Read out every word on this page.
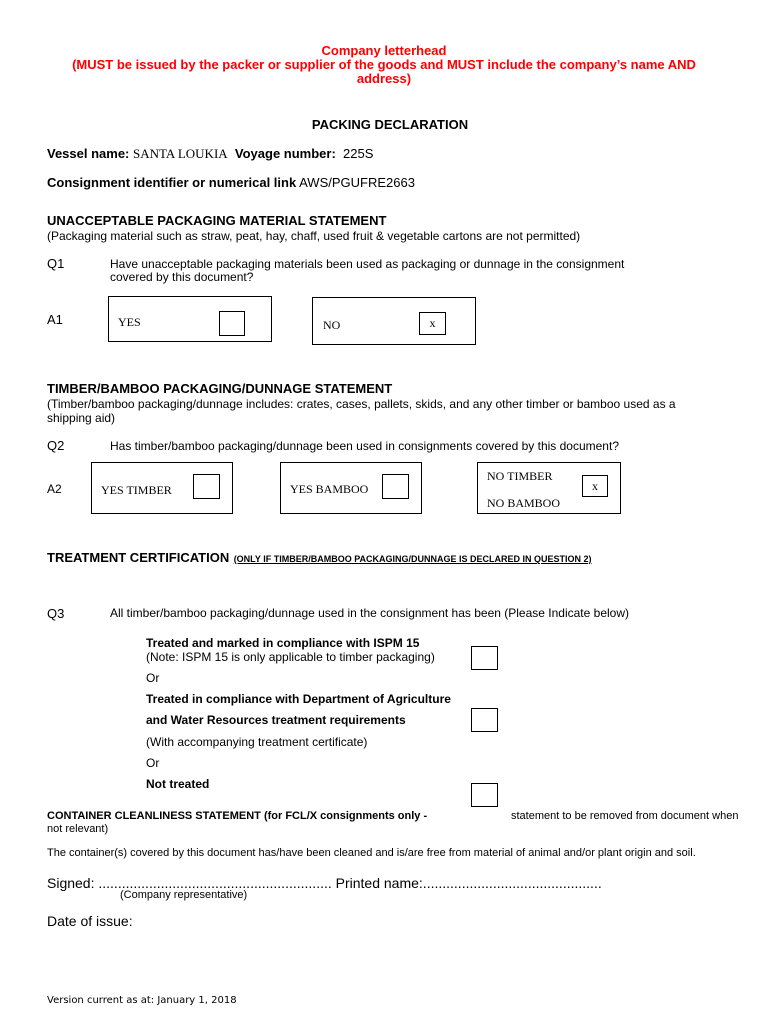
Company letterhead
(MUST be issued by the packer or supplier of the goods and MUST include the company’s name AND
address)
PACKING DECLARATION
Vessel name: SANTA LOUKIA Voyage number: 225S
Consignment identifier or numerical link AWS/PGUFRE2663
UNACCEPTABLE PACKAGING MATERIAL STATEMENT
(Packaging material such as straw, peat, hay, chaff, used fruit & vegetable cartons are not permitted)
Q1	Have unacceptable packaging materials been used as packaging or dunnage in the consignment
covered by this document?
A1	YES	NO	x
TIMBER/BAMBOO PACKAGING/DUNNAGE STATEMENT
(Timber/bamboo packaging/dunnage includes: crates, cases, pallets, skids, and any other timber or bamboo used as a
shipping aid)
Q2	Has timber/bamboo packaging/dunnage been used in consignments covered by this document?
A2	YES TIMBER	YES BAMBOO
NO TIMBER
NO BAMBOO
x
TREATMENT CERTIFICATION (ONLY IF TIMBER/BAMBOO PACKAGING/DUNNAGE IS DECLARED IN QUESTION 2)
Q3	All timber/bamboo packaging/dunnage used in the consignment has been (Please Indicate below)
Treated and marked in compliance with ISPM 15
(Note: ISPM 15 is only applicable to timber packaging)
Or
Treated in compliance with Department of Agriculture
and Water Resources treatment requirements
(With accompanying treatment certificate)
Or
Not treated
CONTAINER CLEANLINESS STATEMENT (for FCL/X consignments only -	statement to be removed from document when
not relevant)
The container(s) covered by this document has/have been cleaned and is/are free from material of animal and/or plant origin and soil.
Signed: ............................................................ Printed name:..............................................
(Company representative)
Date of issue:
Version current as at: January 1, 2018
